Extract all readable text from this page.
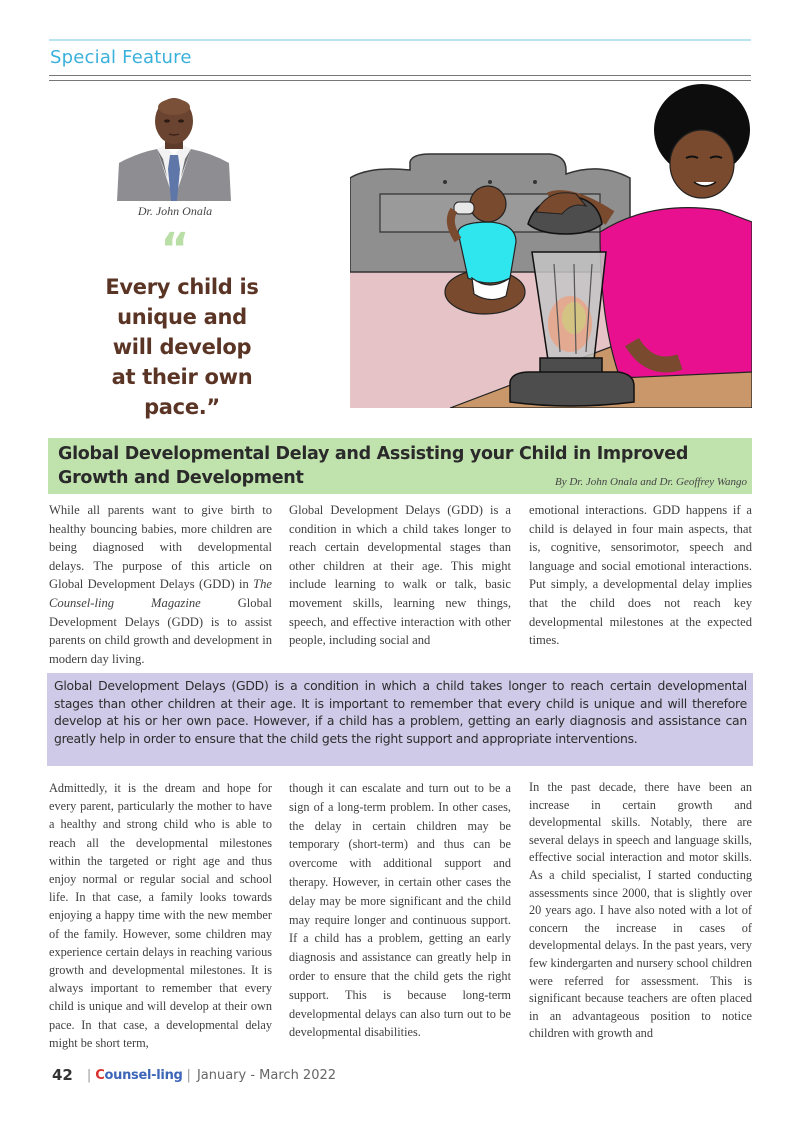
Special Feature
Dr. John Onala
“
Every child is
unique and
will develop
at their own
pace.”
Global Developmental Delay and Assisting your Child in Improved
Growth and Development	By Dr. John Onala and Dr. Geoffrey Wango
While all parents want to give birth to healthy bouncing babies, more children are being diagnosed with developmental delays. The purpose of this article on Global Development Delays (GDD) in The Counsel-ling Magazine Global Development Delays (GDD) is to assist parents on child growth and development in modern day living.
Global Development Delays (GDD) is a condition in which a child takes longer to reach certain developmental stages than other children at their age. This might include learning to walk or talk, basic movement skills, learning new things, speech, and effective interaction with other people, including social and
emotional interactions. GDD happens if a child is delayed in four main aspects, that is, cognitive, sensorimotor, speech and language and social emotional interactions. Put simply, a developmental delay implies that the child does not reach key developmental milestones at the expected times.
Global Development Delays (GDD) is a condition in which a child takes longer to reach certain developmental stages than other children at their age. It is important to remember that every child is unique and will therefore develop at his or her own pace. However, if a child has a problem, getting an early diagnosis and assistance can greatly help in order to ensure that the child gets the right support and appropriate interventions.
Admittedly, it is the dream and hope for every parent, particularly the mother to have a healthy and strong child who is able to reach all the developmental milestones within the targeted or right age and thus enjoy normal or regular social and school life. In that case, a family looks towards enjoying a happy time with the new member of the family. However, some children may experience certain delays in reaching various growth and developmental milestones. It is always important to remember that every child is unique and will develop at their own pace. In that case, a developmental delay might be short term,
though it can escalate and turn out to be a sign of a long-term problem. In other cases, the delay in certain children may be temporary (short-term) and thus can be overcome with additional support and therapy. However, in certain other cases the delay may be more significant and the child may require longer and continuous support. If a child has a problem, getting an early diagnosis and assistance can greatly help in order to ensure that the child gets the right support. This is because long-term developmental delays can also turn out to be developmental disabilities.
In the past decade, there have been an increase in certain growth and developmental skills. Notably, there are several delays in speech and language skills, effective social interaction and motor skills. As a child specialist, I started conducting assessments since 2000, that is slightly over 20 years ago. I have also noted with a lot of concern the increase in cases of developmental delays. In the past years, very few kindergarten and nursery school children were referred for assessment. This is significant because teachers are often placed in an advantageous position to notice children with growth and
42 | Counsel-ling | January - March 2022
